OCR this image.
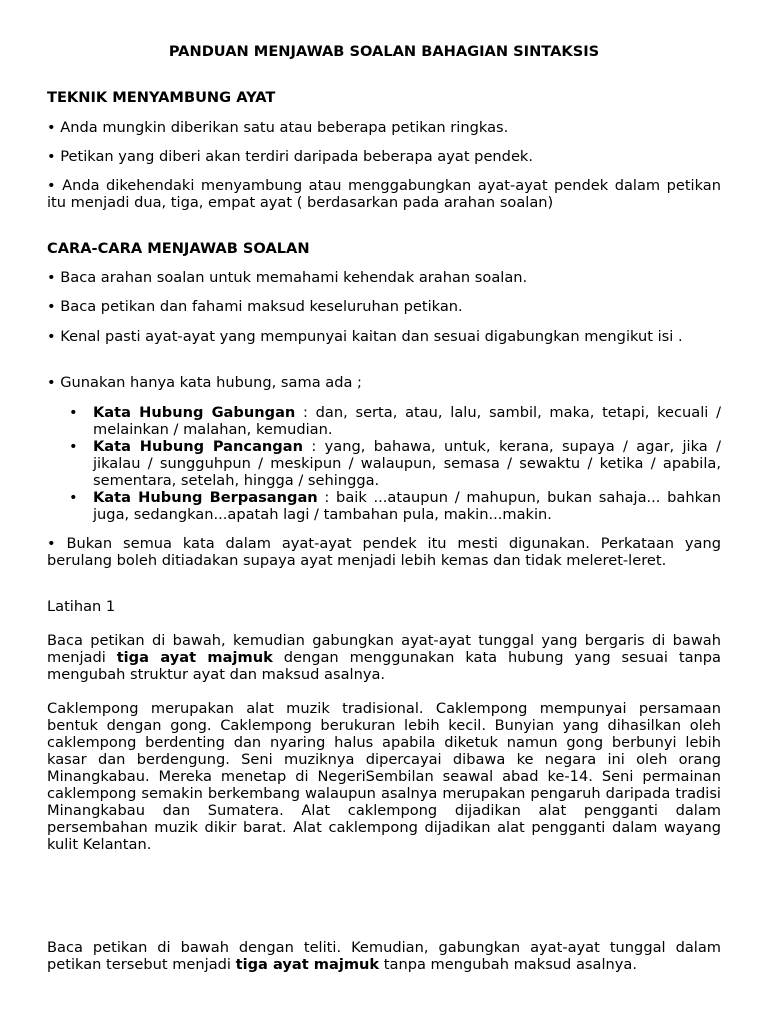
PANDUAN MENJAWAB SOALAN BAHAGIAN SINTAKSIS

TEKNIK MENYAMBUNG AYAT

• Anda mungkin diberikan satu atau beberapa petikan ringkas.

• Petikan yang diberi akan terdiri daripada beberapa ayat pendek.

• Anda dikehendaki menyambung atau menggabungkan ayat-ayat pendek dalam petikan itu menjadi dua, tiga, empat ayat ( berdasarkan pada arahan soalan)

CARA-CARA MENJAWAB SOALAN

• Baca arahan soalan untuk memahami kehendak arahan soalan.

• Baca petikan dan fahami maksud keseluruhan petikan.

• Kenal pasti ayat-ayat yang mempunyai kaitan dan sesuai digabungkan mengikut isi .

• Gunakan hanya kata hubung, sama ada ;

• Kata Hubung Gabungan : dan, serta, atau, lalu, sambil, maka, tetapi, kecuali / melainkan / malahan, kemudian.
• Kata Hubung Pancangan : yang, bahawa, untuk, kerana, supaya / agar, jika / jikalau / sungguhpun / meskipun / walaupun, semasa / sewaktu / ketika / apabila, sementara, setelah, hingga / sehingga.
• Kata Hubung Berpasangan : baik ...ataupun / mahupun, bukan sahaja... bahkan juga, sedangkan...apatah lagi / tambahan pula, makin...makin.

• Bukan semua kata dalam ayat-ayat pendek itu mesti digunakan. Perkataan yang berulang boleh ditiadakan supaya ayat menjadi lebih kemas dan tidak meleret-leret.

Latihan 1

Baca petikan di bawah, kemudian gabungkan ayat-ayat tunggal yang bergaris di bawah menjadi tiga ayat majmuk dengan menggunakan kata hubung yang sesuai tanpa mengubah struktur ayat dan maksud asalnya.

Caklempong merupakan alat muzik tradisional. Caklempong mempunyai persamaan bentuk dengan gong. Caklempong berukuran lebih kecil. Bunyian yang dihasilkan oleh caklempong berdenting dan nyaring halus apabila diketuk namun gong berbunyi lebih kasar dan berdengung. Seni muziknya dipercayai dibawa ke negara ini oleh orang Minangkabau. Mereka menetap di NegeriSembilan seawal abad ke-14. Seni permainan caklempong semakin berkembang walaupun asalnya merupakan pengaruh daripada tradisi Minangkabau dan Sumatera. Alat caklempong dijadikan alat pengganti dalam persembahan muzik dikir barat. Alat caklempong dijadikan alat pengganti dalam wayang kulit Kelantan.

Baca petikan di bawah dengan teliti. Kemudian, gabungkan ayat-ayat tunggal dalam petikan tersebut menjadi tiga ayat majmuk tanpa mengubah maksud asalnya.
